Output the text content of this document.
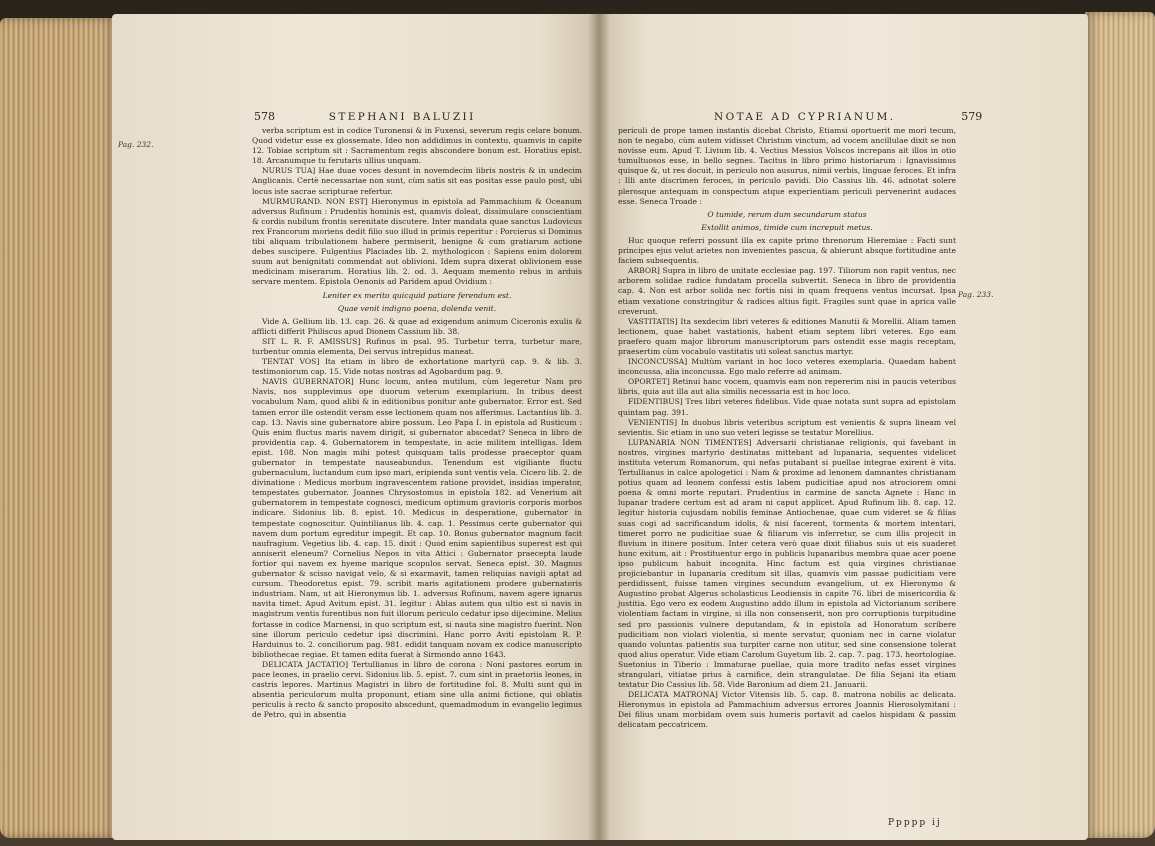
578	STEPHANI BALUZII

verba scriptum est in codice Turonensi & in Fuxensi, severum regis celare bonum. Quod videtur esse ex glossemate. Ideo non addidimus in contextu, quamvis in capite 12. Tobiae scriptum sit : Sacramentum regis abscondere bonum est. Horatius epist. 18. Arcanumque tu ferutaris ullius unquam.

NURUS TUA] Hae duae voces desunt in novemdecim libris nostris & in undecim Anglicanis. Certè necessariae non sunt, cùm satis sit eas positas esse paulo post, ubi locus iste sacrae scripturae refertur.

MURMURAND. NON EST] Hieronymus in epistola ad Pammachium & Oceanum adversus Rufinum : Prudentis hominis est, quamvis doleat, dissimulare conscientiam & cordis nubilum frontis serenitate discutere. Inter mandata quae sanctus Ludovicus rex Francorum moriens dedit filio suo illud in primis reperitur : Porcierus si Dominus tibi aliquam tribulationem habere permiserit, benigne & cum gratiarum actione debes suscipere. Fulgentius Placiades lib. 2. mythologicon : Sapiens enim dolorem suum aut benignitati commendat aut oblivioni. Idem supra dixerat oblivionem esse medicinam miserarum. Horatius lib. 2. od. 3. Aequam memento rebus in arduis servare mentem. Epistola Oenonis ad Paridem apud Ovidium :

Leniter ex merito quicquid patiare ferendum est.

Quae venit indigno poena, dolenda venit.

Vide A. Gellium lib. 13. cap. 26. & quae ad exigendum animum Ciceronis exulis & afflicti differit Philiscus apud Dionem Cassium lib. 38.

SIT L. R. F. AMISSUS] Rufinus in psal. 95. Turbetur terra, turbetur mare, turbentur omnia elementa, Dei servus intrepidus maneat.

TENTAT VOS] Ita etiam in libro de exhortatione martyrii cap. 9. & lib. 3. testimoniorum cap. 15. Vide notas nostras ad Agobardum pag. 9.

NAVIS GUBERNATOR] Hunc locum, antea mutilum, cùm legeretur Nam pro Navis, nos supplevimus ope duorum veterum exemplarium. In tribus deest vocabulum Nam, quod alibi & in editionibus ponitur ante gubernator. Error est. Sed tamen error ille ostendit veram esse lectionem quam nos afferimus. Lactantius lib. 3. cap. 13. Navis sine gubernatore abire possum. Leo Papa I. in epistola ad Rusticum : Quis enim fluctus maris navem dirigit, si gubernator abscedat? Seneca in libro de providentia cap. 4. Gubernatorem in tempestate, in acie militem intelligas. Idem epist. 108. Non magis mihi potest quisquam talis prodesse praeceptor quam gubernator in tempestate nauseabundus. Tenendum est vigiliante fluctu gubernaculum, luctandum cum ipso mari, eripienda sunt ventis vela. Cicero lib. 2. de divinatione : Medicus morbum ingravescentem ratione providet, insidias imperator, tempestates gubernator. Joannes Chrysostomus in epistola 182. ad Venerium ait gubernatorem in tempestate cognosci, medicum optimum gravioris corporis morbos indicare. Sidonius lib. 8. epist. 10. Medicus in desperatione, gubernator in tempestate cognoscitur. Quintilianus lib. 4. cap. 1. Pessimus certe gubernator qui navem dum portum egreditur impegit. Et cap. 10. Bonus gubernator magnum facit naufragium. Vegetius lib. 4. cap. 15. dixit : Quod enim sapientibus superest est qui anniserit eleneum? Cornelius Nepos in vita Attici : Gubernator praecepta laude fortior qui navem ex hyeme marique scopulos servat. Seneca epist. 30. Magnus gubernator & scisso navigat velo, & si exarmavit, tamen reliquias navigii aptat ad cursum. Theodoretus epist. 79. scribit maris agitationem prodere gubernatoris industriam. Nam, ut ait Hieronymus lib. 1. adversus Rufinum, navem agere ignarus navita timet. Apud Avitum epist. 31. legitur : Ablas autem qua ultio est si navis in magistrum ventis furentibus non fuit illorum periculo cedatur ipso dijecimine. Melius fortasse in codice Marnensi, in quo scriptum est, si nauta sine magistro fuerint. Non sine illorum periculo cedetur ipsi discrimini. Hanc porro Aviti epistolam R. P. Harduinus to. 2. conciliorum pag. 981. edidit tanquam novam ex codice manuscripto bibliothecae regiae. Et tamen edita fuerat à Sirmondo anno 1643.

DELICATA JACTATIO] Tertullianus in libro de corona : Noni pastores eorum in pace leones, in praelio cervi. Sidonius lib. 5. epist. 7. cum sint in praetoriis leones, in castris lepores. Martinus Magistri in libro de fortitudine fol. 8. Multi sunt qui in absentia periculorum multa proponunt, etiam sine ulla animi fictione, qui oblatis periculis à recto & sancto proposito abscedunt, quemadmodum in evangelio legimus de Petro, qui in absentia

Pag. 232.
NOTAE AD CYPRIANUM.	579

periculi de prope tamen instantis dicebat Christo, Etiamsi oportuerit me mori tecum, non te negabo, cùm autem vidisset Christum vinctum, ad vocem ancillulae dixit se non novisse eum. Apud T. Livium lib. 4. Vectius Messius Volscos increpans ait illos in otio tumultuosos esse, in bello segnes. Tacitus in libro primo historiarum : Ignavissimus quisque &, ut res docuit, in periculo non ausurus, nimii verbis, linguae feroces. Et infra : Illi ante discrimen feroces, in periculo pavidi. Dio Cassius lib. 46. adnotat solere plerosque antequam in conspectum atque experientiam periculi pervenerint audaces esse. Seneca Troade :

O tumide, rerum dum secundarum status

Extollit animos, timide cum increpuit metus.

Huc quoque referri possunt illa ex capite primo threnorum Hieremiae : Facti sunt principes ejus velut arietes non invenientes pascua, & abierunt absque fortitudine ante faciem subsequentis.

ARBOR] Supra in libro de unitate ecclesiae pag. 197. Tiliorum non rapit ventus, nec arborem solidae radice fundatam procella subvertit. Seneca in libro de providentia cap. 4. Non est arbor solida nec fortis nisi in quam frequens ventus incursat. Ipsa etiam vexatione constringitur & radices altius figit. Fragiles sunt quae in aprica valle creverunt.

VASTITATIS] Ita sexdecim libri veteres & editiones Manutii & Morellii. Aliam tamen lectionem, quae habet vastationis, habent etiam septem libri veteres. Ego eam praefero quam major librorum manuscriptorum pars ostendit esse magis receptam, praesertim cùm vocabulo vastitatis uti soleat sanctus martyr.

INCONCUSSA] Multùm variant in hoc loco veteres exemplaria. Quaedam habent inconcussa, alia inconcussa. Ego malo referre ad animam.

OPORTET] Retinui hanc vocem, quamvis eam non repererim nisi in paucis veteribus libris, quia aut illa aut alia similis necessaria est in hoc loco.

FIDENTIBUS] Tres libri veteres fidelibus. Vide quae notata sunt supra ad epistolam quintam pag. 391.

VENIENTIS] In duobus libris veteribus scriptum est venientis & supra lineam vel sevientis. Sic etiam in uno suo veteri legisse se testatur Morellius.

LUPANARIA NON TIMENTES] Adversarii christianae religionis, qui favebant in nostros, virgines martyrio destinatas mittebant ad lupanaria, sequentes videlicet instituta veterum Romanorum, qui nefas putabant si puellae integrae exirent è vita. Tertullianus in calce apologetici : Nam & proxime ad lenonem damnantes christianam potius quam ad leonem confessi estis labem pudicitiae apud nos atrociorem omni poena & omni morte reputari. Prudentius in carmine de sancta Agnete : Hanc in lupanar tradere certum est ad aram ni caput applicet. Apud Rufinum lib. 8. cap. 12. legitur historia cujusdam nobilis feminae Antiochenae, quae cum videret se & filias suas cogi ad sacrificandum idolis, & nisi facerent, tormenta & mortem intentari, timeret porro ne pudicitiae suae & filiarum vis inferretur, se cum illis projecit in fluvium in itinere positum. Inter cetera verò quae dixit filiabus suis ut eis suaderet hunc exitum, ait : Prostituentur ergo in publicis lupanaribus membra quae acer poene ipso publicum habuit incognita. Hinc factum est quia virgines christianae projiciebantur in lupanaria creditum sit illas, quamvis vim passae pudicitiam vere perdidissent, fuisse tamen virgines secundum evangelium, ut ex Hieronymo & Augustino probat Algerus scholasticus Leodiensis in capite 76. libri de misericordia & justitia. Ego vero ex eodem Augustino addo illum in epistola ad Victorianum scribere violentiam factam in virgine, si illa non consenserit, non pro corruptionis turpitudine sed pro passionis vulnere deputandam, & in epistola ad Honoratum scribere pudicitiam non violari violentia, si mente servatur, quoniam nec in carne violatur quando voluntas patientis sua turpiter carne non utitur, sed sine consensione tolerat quod alius operatur. Vide etiam Carolum Guyetum lib. 2. cap. 7. pag. 173. heortologiae. Suetonius in Tiberio : Immaturae puellae, quia more tradito nefas esset virgines strangulari, vitiatae prius à carnifice, dein strangulatae. De filia Sejani ita etiam testatur Dio Cassius lib. 58. Vide Baronium ad diem 21. Januarii.

DELICATA MATRONA] Victor Vitensis lib. 5. cap. 8. matrona nobilis ac delicata. Hieronymus in epistola ad Pammachium adversus errores Joannis Hierosolymitani : Dei filius unam morbidam ovem suis humeris portavit ad caelos hispidam & passim delicatam peccatricem.

Ppppp ij
Pag. 233.
